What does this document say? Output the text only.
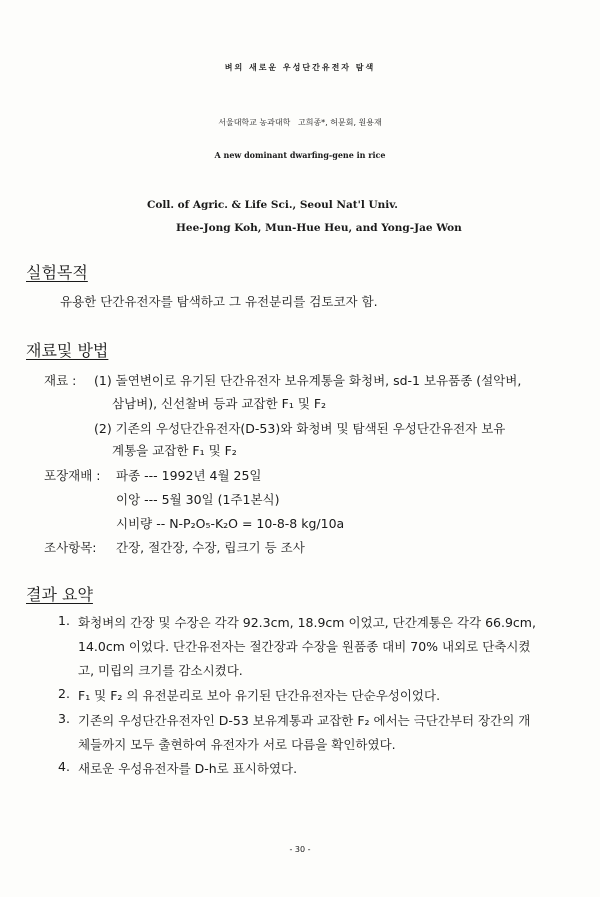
벼의 새로운 우성단간유전자 탐색
서울대학교 농과대학 고희종*, 허문회, 원용재
A new dominant dwarfing-gene in rice
Coll. of Agric. & Life Sci., Seoul Nat'l Univ.
Hee-Jong Koh, Mun-Hue Heu, and Yong-Jae Won
실험목적
유용한 단간유전자를 탐색하고 그 유전분리를 검토코자 함.
재료및 방법
재료 : (1) 돌연변이로 유기된 단간유전자 보유계통을 화청벼, sd-1 보유품종 (설악벼,
삼남벼), 신선찰벼 등과 교잡한 F₁ 및 F₂
(2) 기존의 우성단간유전자(D-53)와 화청벼 및 탐색된 우성단간유전자 보유
계통을 교잡한 F₁ 및 F₂
포장재배 : 파종 --- 1992년 4월 25일
이앙 --- 5월 30일 (1주1본식)
시비량 -- N-P₂O₅-K₂O = 10-8-8 kg/10a
조사항목: 간장, 절간장, 수장, 립크기 등 조사
결과 요약
1. 화청벼의 간장 및 수장은 각각 92.3cm, 18.9cm 이었고, 단간계통은 각각 66.9cm,
14.0cm 이었다. 단간유전자는 절간장과 수장을 원품종 대비 70% 내외로 단축시켰
고, 미립의 크기를 감소시켰다.
2. F₁ 및 F₂ 의 유전분리로 보아 유기된 단간유전자는 단순우성이었다.
3. 기존의 우성단간유전자인 D-53 보유계통과 교잡한 F₂ 에서는 극단간부터 장간의 개
체들까지 모두 출현하여 유전자가 서로 다름을 확인하였다.
4. 새로운 우성유전자를 D-h로 표시하였다.
- 30 -
